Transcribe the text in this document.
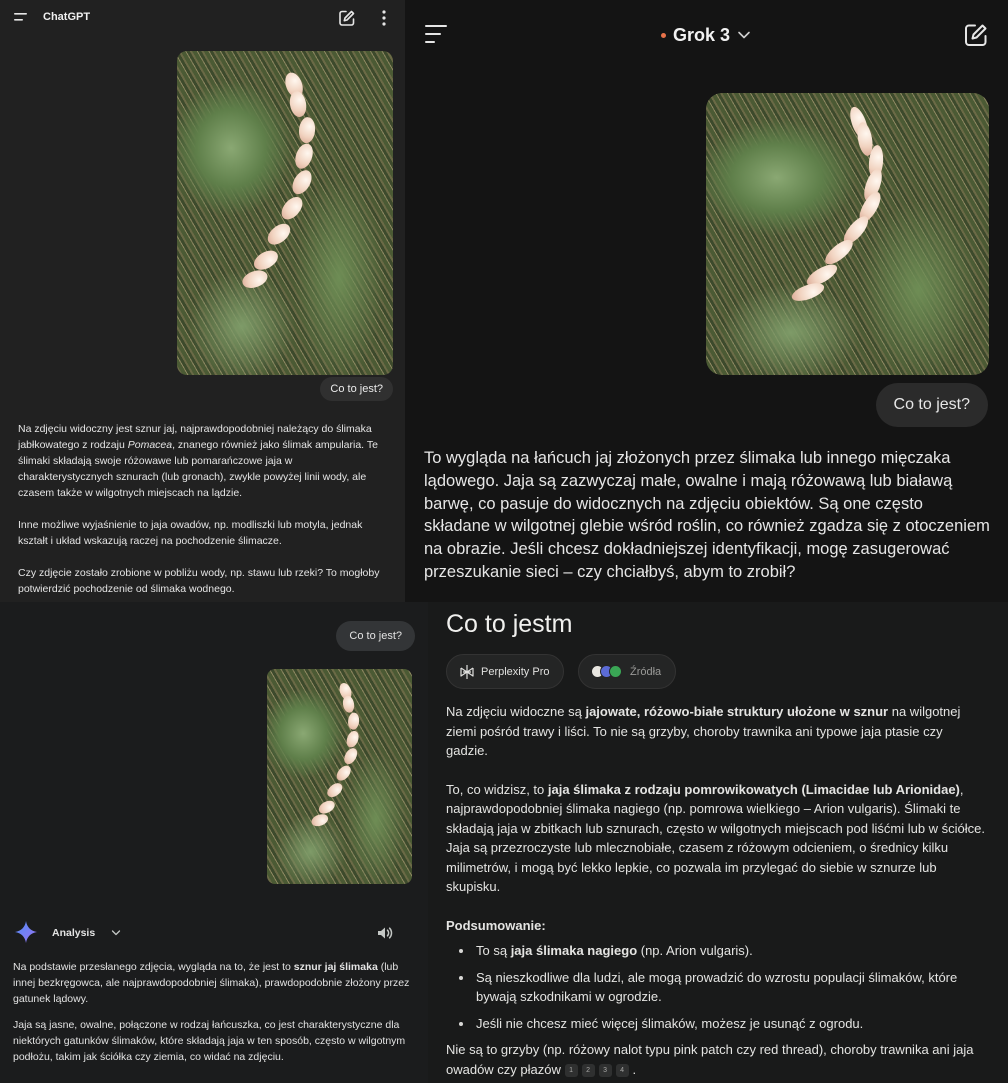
ChatGPT
Co to jest?

Na zdjęciu widoczny jest sznur jaj, najprawdopodobniej należący do ślimaka jabłkowatego z rodzaju Pomacea, znanego również jako ślimak ampularia. Te ślimaki składają swoje różowawe lub pomarańczowe jaja w charakterystycznych sznurach (lub gronach), zwykle powyżej linii wody, ale czasem także w wilgotnych miejscach na lądzie.

Inne możliwe wyjaśnienie to jaja owadów, np. modliszki lub motyla, jednak kształt i układ wskazują raczej na pochodzenie ślimacze.

Czy zdjęcie zostało zrobione w pobliżu wody, np. stawu lub rzeki? To mogłoby potwierdzić pochodzenie od ślimaka wodnego.

Grok 3
Co to jest?
To wygląda na łańcuch jaj złożonych przez ślimaka lub innego mięczaka lądowego. Jaja są zazwyczaj małe, owalne i mają różowawą lub białawą barwę, co pasuje do widocznych na zdjęciu obiektów. Są one często składane w wilgotnej glebie wśród roślin, co również zgadza się z otoczeniem na obrazie. Jeśli chcesz dokładniejszej identyfikacji, mogę zasugerować przeszukanie sieci – czy chciałbyś, abym to zrobił?
Co to jest?
Analysis

Na podstawie przesłanego zdjęcia, wygląda na to, że jest to sznur jaj ślimaka (lub innej bezkręgowca, ale najprawdopodobniej ślimaka), prawdopodobnie złożony przez gatunek lądowy.

Jaja są jasne, owalne, połączone w rodzaj łańcuszka, co jest charakterystyczne dla niektórych gatunków ślimaków, które składają jaja w ten sposób, często w wilgotnym podłożu, takim jak ściółka czy ziemia, co widać na zdjęciu.

Co to jestm
Perplexity Pro	Źródła

Na zdjęciu widoczne są jajowate, różowo-białe struktury ułożone w sznur na wilgotnej ziemi pośród trawy i liści. To nie są grzyby, choroby trawnika ani typowe jaja ptasie czy gadzie.

To, co widzisz, to jaja ślimaka z rodzaju pomrowikowatych (Limacidae lub Arionidae), najprawdopodobniej ślimaka nagiego (np. pomrowa wielkiego – Arion vulgaris). Ślimaki te składają jaja w zbitkach lub sznurach, często w wilgotnych miejscach pod liśćmi lub w ściółce. Jaja są przezroczyste lub mlecznobiałe, czasem z różowym odcieniem, o średnicy kilku milimetrów, i mogą być lekko lepkie, co pozwala im przylegać do siebie w sznurze lub skupisku.

Podsumowanie:
To są jaja ślimaka nagiego (np. Arion vulgaris).
Są nieszkodliwe dla ludzi, ale mogą prowadzić do wzrostu populacji ślimaków, które bywają szkodnikami w ogrodzie.
Jeśli nie chcesz mieć więcej ślimaków, możesz je usunąć z ogrodu.

Nie są to grzyby (np. różowy nalot typu pink patch czy red thread), choroby trawnika ani jaja owadów czy płazów 1 2 3 4 .
